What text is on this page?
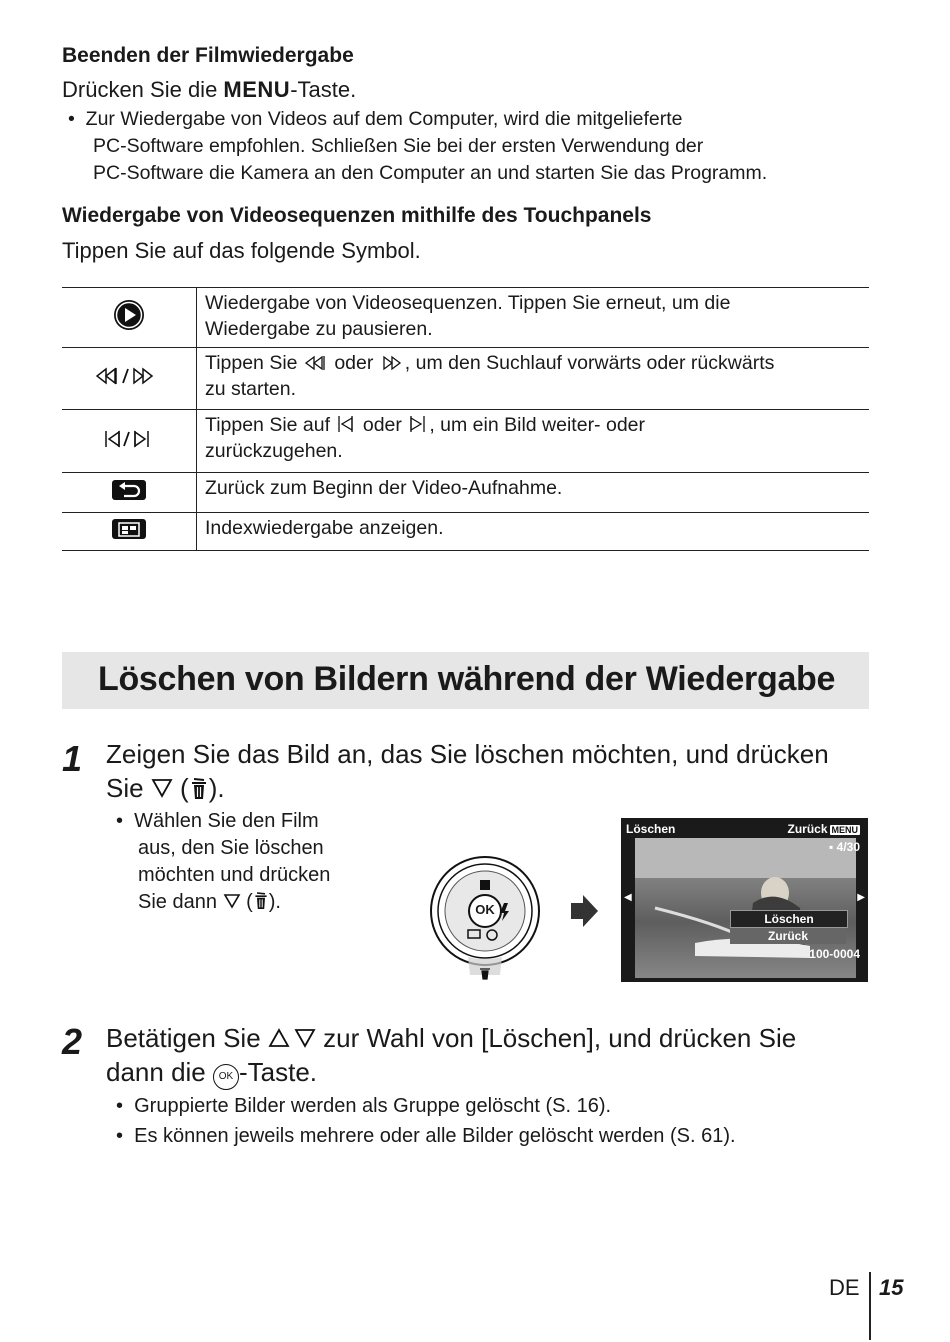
Beenden der Filmwiedergabe
Drücken Sie die MENU-Taste.
•  Zur Wiedergabe von Videos auf dem Computer, wird die mitgelieferte
PC-Software empfohlen. Schließen Sie bei der ersten Verwendung der
PC-Software die Kamera an den Computer an und starten Sie das Programm.
Wiedergabe von Videosequenzen mithilfe des Touchpanels
Tippen Sie auf das folgende Symbol.

Wiedergabe von Videosequenzen. Tippen Sie erneut, um die
Wiedergabe zu pausieren.

Tippen Sie  oder , um den Suchlauf vorwärts oder rückwärts
zu starten.

Tippen Sie auf  oder , um ein Bild weiter- oder
zurückzugehen.

Zurück zum Beginn der Video-Aufnahme.

Indexwiedergabe anzeigen.
Löschen von Bildern während der Wiedergabe
1 Zeigen Sie das Bild an, das Sie löschen möchten, und drücken
Sie  ( ).
•  Wählen Sie den Film
aus, den Sie löschen
möchten und drücken
Sie dann  ( ).	OK
Löschen	Zurück MENU
▪ 4/30
◀	▶
Löschen
Zurück
100-0004
2 Betätigen Sie  zur Wahl von [Löschen], und drücken Sie
dann die OK -Taste.
•  Gruppierte Bilder werden als Gruppe gelöscht (S. 16).
•  Es können jeweils mehrere oder alle Bilder gelöscht werden (S. 61).
DE 15
